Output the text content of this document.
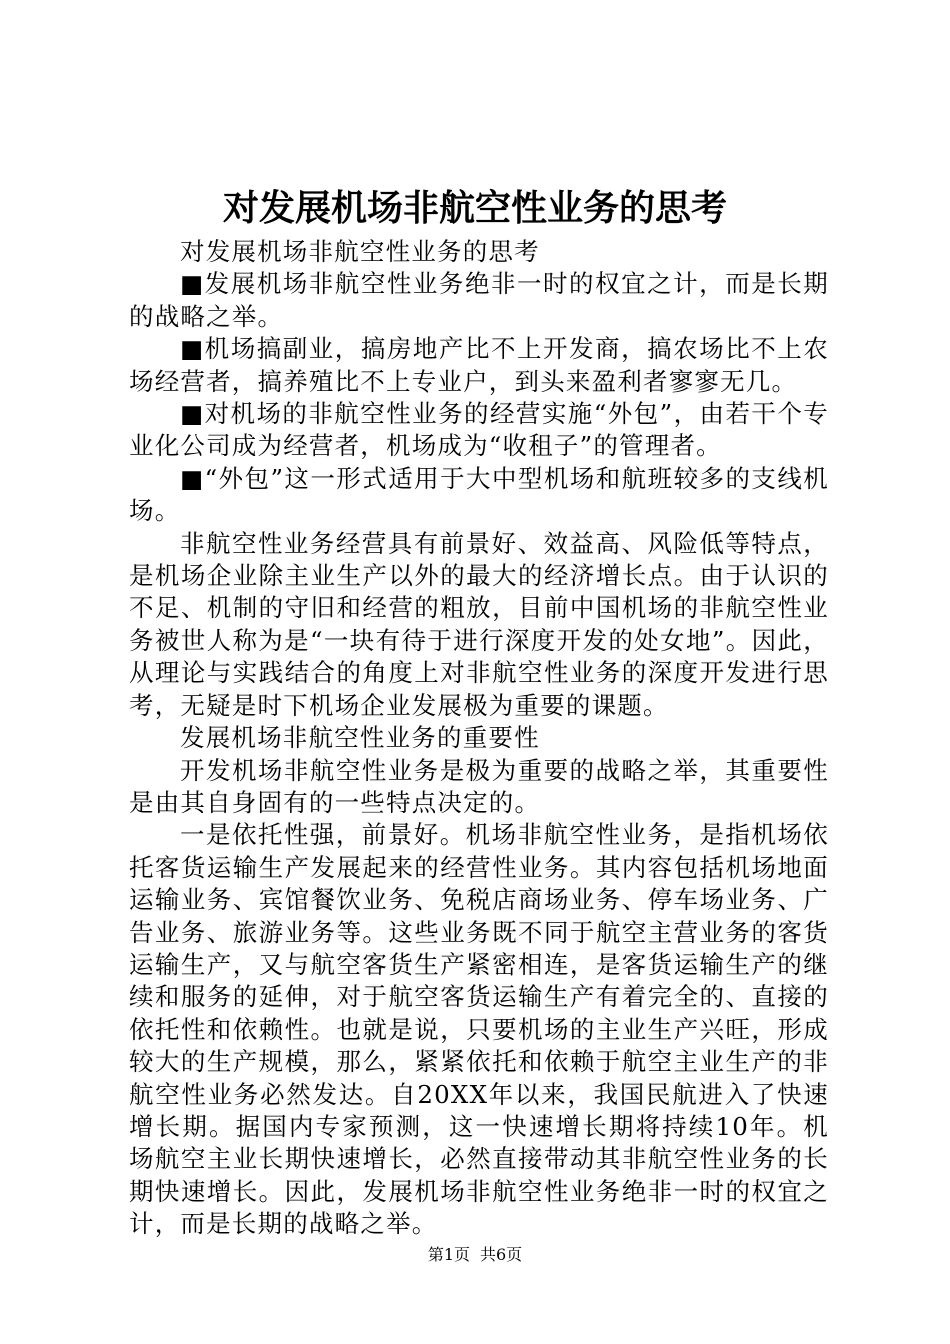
对发展机场非航空性业务的思考

对发展机场非航空性业务的思考

■发展机场非航空性业务绝非一时的权宜之计，而是长期的战略之举。

■机场搞副业，搞房地产比不上开发商，搞农场比不上农场经营者，搞养殖比不上专业户，到头来盈利者寥寥无几。

■对机场的非航空性业务的经营实施“外包”，由若干个专业化公司成为经营者，机场成为“收租子”的管理者。

■“外包”这一形式适用于大中型机场和航班较多的支线机场。

非航空性业务经营具有前景好、效益高、风险低等特点，是机场企业除主业生产以外的最大的经济增长点。由于认识的不足、机制的守旧和经营的粗放，目前中国机场的非航空性业务被世人称为是“一块有待于进行深度开发的处女地”。因此，从理论与实践结合的角度上对非航空性业务的深度开发进行思考，无疑是时下机场企业发展极为重要的课题。

发展机场非航空性业务的重要性

开发机场非航空性业务是极为重要的战略之举，其重要性是由其自身固有的一些特点决定的。

一是依托性强，前景好。机场非航空性业务，是指机场依托客货运输生产发展起来的经营性业务。其内容包括机场地面运输业务、宾馆餐饮业务、免税店商场业务、停车场业务、广告业务、旅游业务等。这些业务既不同于航空主营业务的客货运输生产，又与航空客货生产紧密相连，是客货运输生产的继续和服务的延伸，对于航空客货运输生产有着完全的、直接的依托性和依赖性。也就是说，只要机场的主业生产兴旺，形成较大的生产规模，那么，紧紧依托和依赖于航空主业生产的非航空性业务必然发达。自20XX年以来，我国民航进入了快速增长期。据国内专家预测，这一快速增长期将持续10年。机场航空主业长期快速增长，必然直接带动其非航空性业务的长期快速增长。因此，发展机场非航空性业务绝非一时的权宜之计，而是长期的战略之举。

第1页 共6页
